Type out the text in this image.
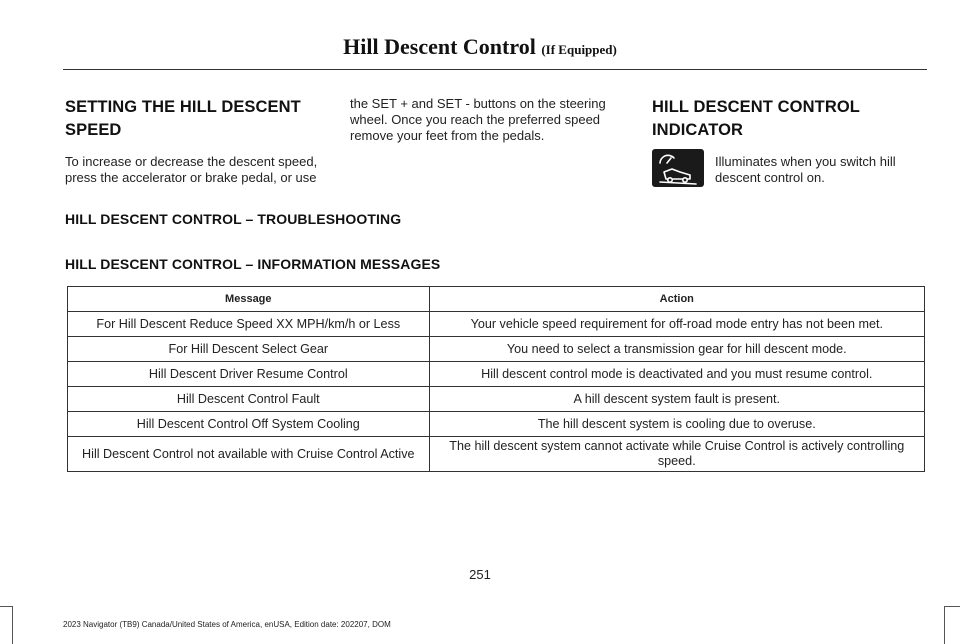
Hill Descent Control (If Equipped)
SETTING THE HILL DESCENT
SPEED

To increase or decrease the descent speed, press the accelerator or brake pedal, or use

the SET + and SET - buttons on the steering wheel. Once you reach the preferred speed remove your feet from the pedals.

HILL DESCENT CONTROL
INDICATOR

Illuminates when you switch hill descent control on.

HILL DESCENT CONTROL – TROUBLESHOOTING
HILL DESCENT CONTROL – INFORMATION MESSAGES
Message	Action
For Hill Descent Reduce Speed XX MPH/km/h or Less	Your vehicle speed requirement for off-road mode entry has not been met.
For Hill Descent Select Gear	You need to select a transmission gear for hill descent mode.
Hill Descent Driver Resume Control	Hill descent control mode is deactivated and you must resume control.
Hill Descent Control Fault	A hill descent system fault is present.
Hill Descent Control Off System Cooling	The hill descent system is cooling due to overuse.
Hill Descent Control not available with Cruise Control Active	The hill descent system cannot activate while Cruise Control is actively controlling speed.
251
2023 Navigator (TB9) Canada/United States of America, enUSA, Edition date: 202207, DOM
